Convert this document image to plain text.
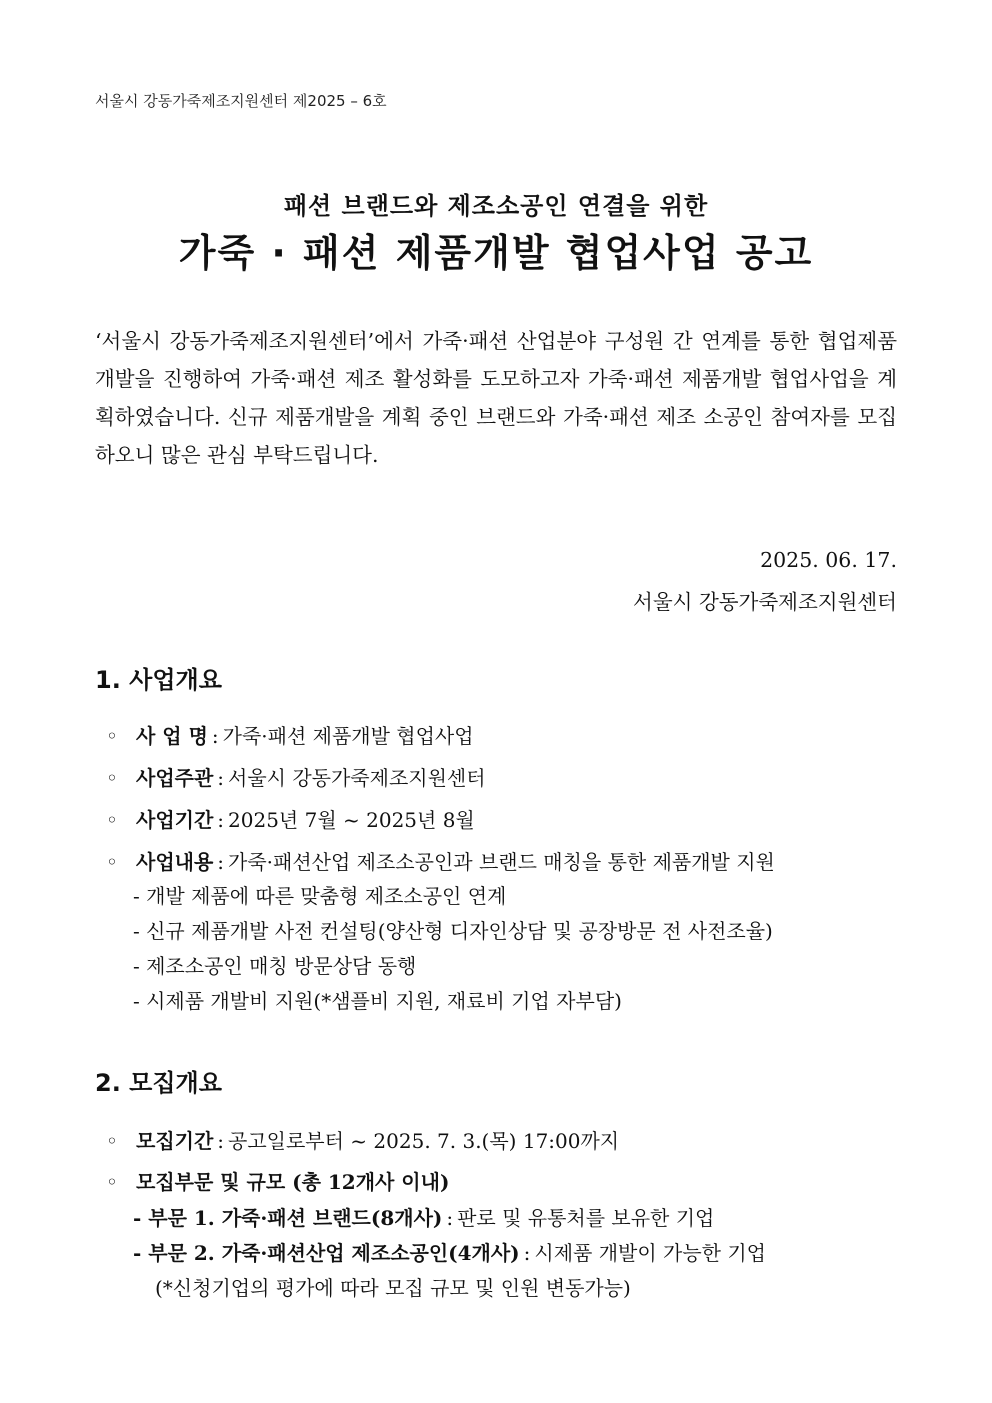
서울시 강동가죽제조지원센터 제2025 – 6호
패션 브랜드와 제조소공인 연결을 위한
가죽 · 패션 제품개발 협업사업 공고

‘서울시 강동가죽제조지원센터’에서 가죽·패션 산업분야 구성원 간 연계를 통한 협업제품 개발을 진행하여 가죽·패션 제조 활성화를 도모하고자 가죽·패션 제품개발 협업사업을 계획하였습니다. 신규 제품개발을 계획 중인 브랜드와 가죽·패션 제조 소공인 참여자를 모집하오니 많은 관심 부탁드립니다.

2025. 06. 17.
서울시 강동가죽제조지원센터
1. 사업개요
◦ 사 업 명 : 가죽·패션 제품개발 협업사업
◦ 사업주관 : 서울시 강동가죽제조지원센터
◦ 사업기간 : 2025년 7월 ~ 2025년 8월
◦ 사업내용 : 가죽·패션산업 제조소공인과 브랜드 매칭을 통한 제품개발 지원
- 개발 제품에 따른 맞춤형 제조소공인 연계
- 신규 제품개발 사전 컨설팅(양산형 디자인상담 및 공장방문 전 사전조율)
- 제조소공인 매칭 방문상담 동행
- 시제품 개발비 지원(*샘플비 지원, 재료비 기업 자부담)
2. 모집개요
◦ 모집기간 : 공고일로부터 ~ 2025. 7. 3.(목) 17:00까지
◦ 모집부문 및 규모 (총 12개사 이내)
- 부문 1. 가죽·패션 브랜드(8개사) : 판로 및 유통처를 보유한 기업
- 부문 2. 가죽·패션산업 제조소공인(4개사) : 시제품 개발이 가능한 기업
(*신청기업의 평가에 따라 모집 규모 및 인원 변동가능)
